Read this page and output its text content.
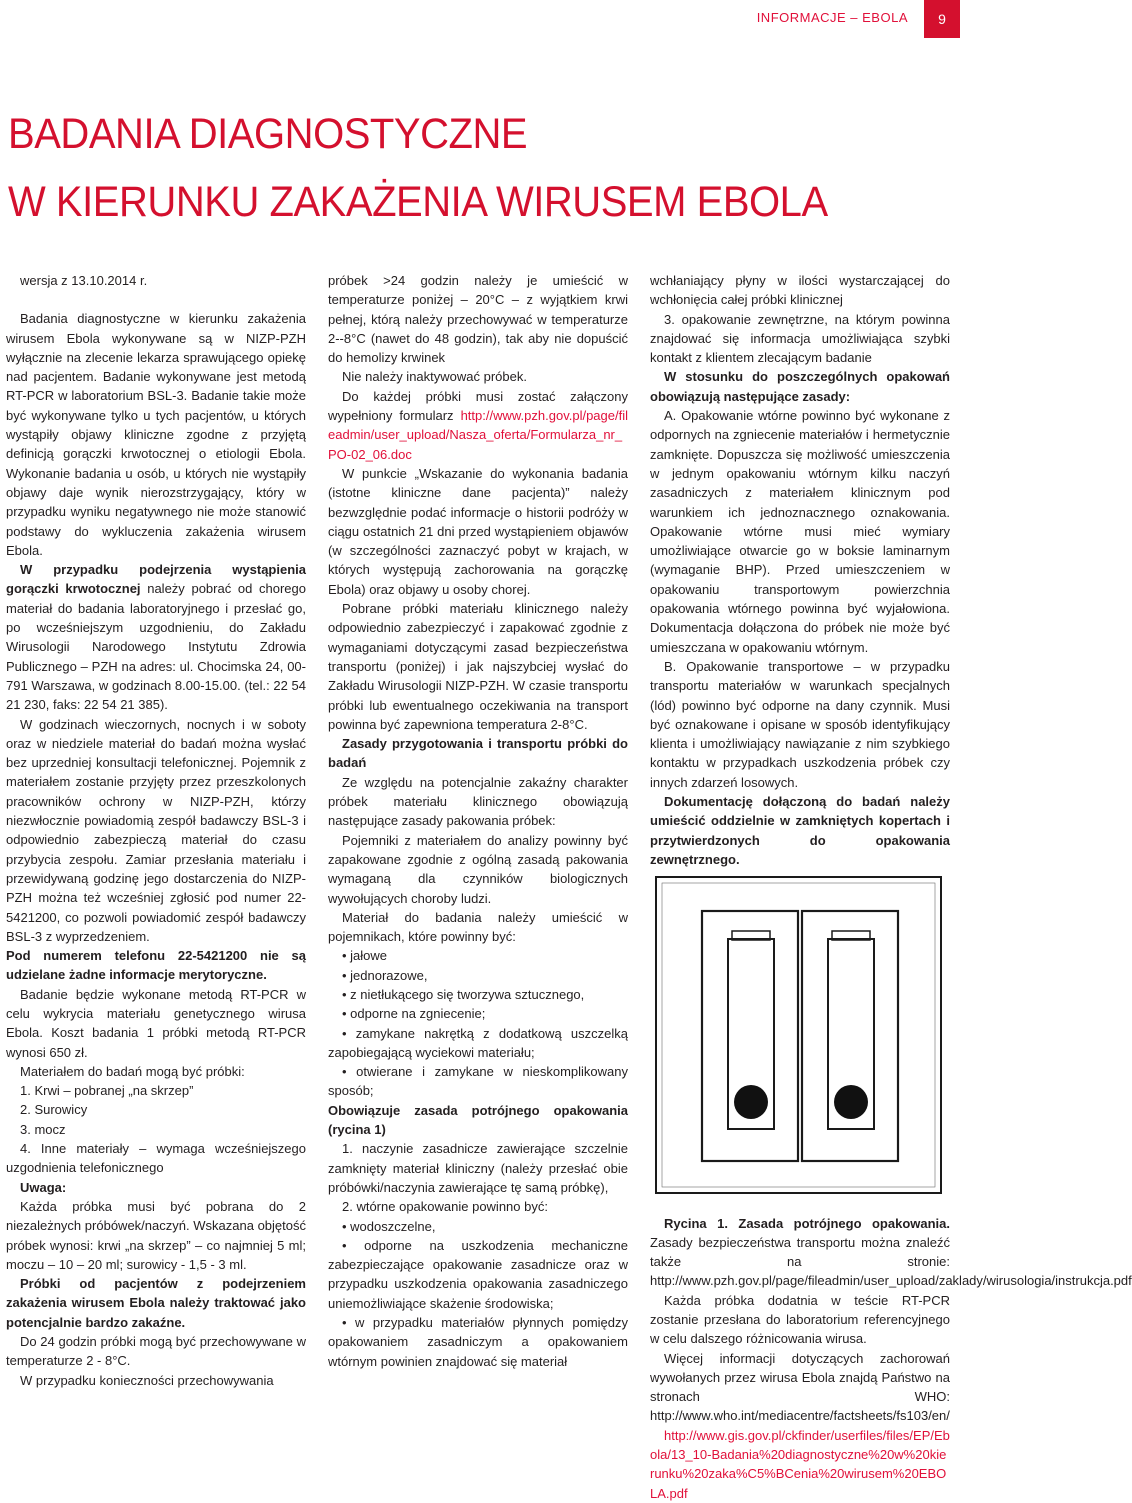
INFORMACJE – EBOLA	9
BADANIA DIAGNOSTYCZNE
W KIERUNKU ZAKAŻENIA WIRUSEM EBOLA

wersja z 13.10.2014 r.

Badania diagnostyczne w kierunku zakażenia wirusem Ebola wykonywane są w NIZP-PZH wyłącznie na zlecenie lekarza sprawującego opiekę nad pacjentem. Badanie wykonywane jest metodą RT-PCR w laboratorium BSL-3. Badanie takie może być wykonywane tylko u tych pacjentów, u których wystąpiły objawy kliniczne zgodne z przyjętą definicją gorączki krwotocznej o etiologii Ebola. Wykonanie badania u osób, u których nie wystąpiły objawy daje wynik nierozstrzygający, który w przypadku wyniku negatywnego nie może stanowić podstawy do wykluczenia zakażenia wirusem Ebola.

W przypadku podejrzenia wystąpienia gorączki krwotocznej należy pobrać od chorego materiał do badania laboratoryjnego i przesłać go, po wcześniejszym uzgodnieniu, do Zakładu Wirusologii Narodowego Instytutu Zdrowia Publicznego – PZH na adres: ul. Chocimska 24, 00-791 Warszawa, w godzinach 8.00-15.00. (tel.: 22 54 21 230, faks: 22 54 21 385).

W godzinach wieczornych, nocnych i w soboty oraz w niedziele materiał do badań można wysłać bez uprzedniej konsultacji telefonicznej. Pojemnik z materiałem zostanie przyjęty przez przeszkolonych pracowników ochrony w NIZP-PZH, którzy niezwłocznie powiadomią zespół badawczy BSL-3 i odpowiednio zabezpieczą materiał do czasu przybycia zespołu. Zamiar przesłania materiału i przewidywaną godzinę jego dostarczenia do NIZP-PZH można też wcześniej zgłosić pod numer 22-5421200, co pozwoli powiadomić zespół badawczy BSL-3 z wyprzedzeniem.

Pod numerem telefonu 22-5421200 nie są udzielane żadne informacje merytoryczne.

Badanie będzie wykonane metodą RT-PCR w celu wykrycia materiału genetycznego wirusa Ebola. Koszt badania 1 próbki metodą RT-PCR wynosi 650 zł.

Materiałem do badań mogą być próbki:

1. Krwi – pobranej „na skrzep”

2. Surowicy

3. mocz

4. Inne materiały – wymaga wcześniejszego uzgodnienia telefonicznego

Uwaga:

Każda próbka musi być pobrana do 2 niezależnych próbówek/naczyń. Wskazana objętość próbek wynosi: krwi „na skrzep” – co najmniej 5 ml; moczu – 10 – 20 ml; surowicy - 1,5 - 3 ml.

Próbki od pacjentów z podejrzeniem zakażenia wirusem Ebola należy traktować jako potencjalnie bardzo zakaźne.

Do 24 godzin próbki mogą być przechowywane w temperaturze 2 - 8°C.

W przypadku konieczności przechowywania

próbek >24 godzin należy je umieścić w temperaturze poniżej – 20°C – z wyjątkiem krwi pełnej, którą należy przechowywać w temperaturze 2--8°C (nawet do 48 godzin), tak aby nie dopuścić do hemolizy krwinek

Nie należy inaktywować próbek.

Do każdej próbki musi zostać załączony wypełniony formularz http://www.pzh.gov.pl/page/fileadmin/user_upload/Nasza_oferta/Formularza_nr_PO-02_06.doc

W punkcie „Wskazanie do wykonania badania (istotne kliniczne dane pacjenta)” należy bezwzględnie podać informacje o historii podróży w ciągu ostatnich 21 dni przed wystąpieniem objawów (w szczególności zaznaczyć pobyt w krajach, w których występują zachorowania na gorączkę Ebola) oraz objawy u osoby chorej.

Pobrane próbki materiału klinicznego należy odpowiednio zabezpieczyć i zapakować zgodnie z wymaganiami dotyczącymi zasad bezpieczeństwa transportu (poniżej) i jak najszybciej wysłać do Zakładu Wirusologii NIZP-PZH. W czasie transportu próbki lub ewentualnego oczekiwania na transport powinna być zapewniona temperatura 2-8°C.

Zasady przygotowania i transportu próbki do badań

Ze względu na potencjalnie zakaźny charakter próbek materiału klinicznego obowiązują następujące zasady pakowania próbek:

Pojemniki z materiałem do analizy powinny być zapakowane zgodnie z ogólną zasadą pakowania wymaganą dla czynników biologicznych wywołujących choroby ludzi.

Materiał do badania należy umieścić w pojemnikach, które powinny być:

• jałowe

• jednorazowe,

• z nietłukącego się tworzywa sztucznego,

• odporne na zgniecenie;

• zamykane nakrętką z dodatkową uszczelką zapobiegającą wyciekowi materiału;

• otwierane i zamykane w nieskomplikowany sposób;

Obowiązuje zasada potrójnego opakowania (rycina 1)

1. naczynie zasadnicze zawierające szczelnie zamknięty materiał kliniczny (należy przesłać obie próbówki/naczynia zawierające tę samą próbkę),

2. wtórne opakowanie powinno być:

• wodoszczelne,

• odporne na uszkodzenia mechaniczne zabezpieczające opakowanie zasadnicze oraz w przypadku uszkodzenia opakowania zasadniczego uniemożliwiające skażenie środowiska;

• w przypadku materiałów płynnych pomiędzy opakowaniem zasadniczym a opakowaniem wtórnym powinien znajdować się materiał

wchłaniający płyny w ilości wystarczającej do wchłonięcia całej próbki klinicznej

3. opakowanie zewnętrzne, na którym powinna znajdować się informacja umożliwiająca szybki kontakt z klientem zlecającym badanie

W stosunku do poszczególnych opakowań obowiązują następujące zasady:

A. Opakowanie wtórne powinno być wykonane z odpornych na zgniecenie materiałów i hermetycznie zamknięte. Dopuszcza się możliwość umieszczenia w jednym opakowaniu wtórnym kilku naczyń zasadniczych z materiałem klinicznym pod warunkiem ich jednoznacznego oznakowania. Opakowanie wtórne musi mieć wymiary umożliwiające otwarcie go w boksie laminarnym (wymaganie BHP). Przed umieszczeniem w opakowaniu transportowym powierzchnia opakowania wtórnego powinna być wyjałowiona. Dokumentacja dołączona do próbek nie może być umieszczana w opakowaniu wtórnym.

B. Opakowanie transportowe – w przypadku transportu materiałów w warunkach specjalnych (lód) powinno być odporne na dany czynnik. Musi być oznakowane i opisane w sposób identyfikujący klienta i umożliwiający nawiązanie z nim szybkiego kontaktu w przypadkach uszkodzenia próbek czy innych zdarzeń losowych.

Dokumentację dołączoną do badań należy umieścić oddzielnie w zamkniętych kopertach i przytwierdzonych do opakowania zewnętrznego.

Rycina 1. Zasada potrójnego opakowania. Zasady bezpieczeństwa transportu można znaleźć także na stronie: http://www.pzh.gov.pl/page/fileadmin/user_upload/zaklady/wirusologia/instrukcja.pdf

Każda próbka dodatnia w teście RT-PCR zostanie przesłana do laboratorium referencyjnego w celu dalszego różnicowania wirusa.

Więcej informacji dotyczących zachorowań wywołanych przez wirusa Ebola znajdą Państwo na stronach WHO: http://www.who.int/mediacentre/factsheets/fs103/en/

http://www.gis.gov.pl/ckfinder/userfiles/files/EP/Ebola/13_10-Badania%20diagnostyczne%20w%20kierunku%20zaka%C5%BCenia%20wirusem%20EBOLA.pdf
